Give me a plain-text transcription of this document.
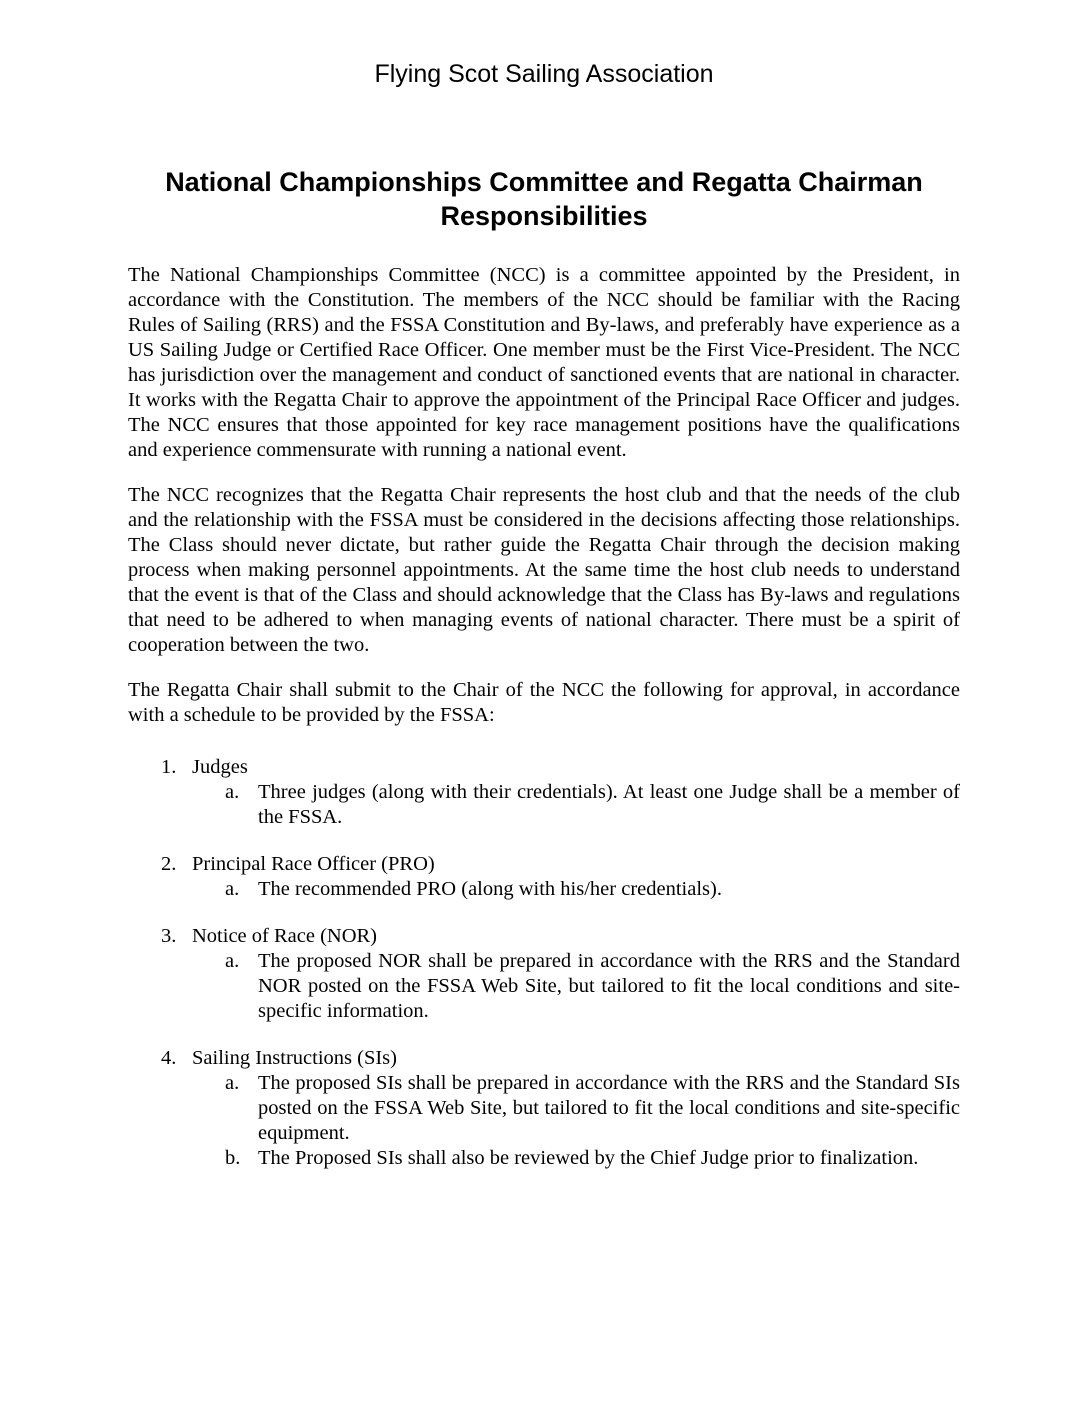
Flying Scot Sailing Association
National Championships Committee and Regatta Chairman
Responsibilities

The National Championships Committee (NCC) is a committee appointed by the President, in accordance with the Constitution. The members of the NCC should be familiar with the Racing Rules of Sailing (RRS) and the FSSA Constitution and By-laws, and preferably have experience as a US Sailing Judge or Certified Race Officer. One member must be the First Vice-President. The NCC has jurisdiction over the management and conduct of sanctioned events that are national in character. It works with the Regatta Chair to approve the appointment of the Principal Race Officer and judges. The NCC ensures that those appointed for key race management positions have the qualifications and experience commensurate with running a national event.

The NCC recognizes that the Regatta Chair represents the host club and that the needs of the club and the relationship with the FSSA must be considered in the decisions affecting those relationships. The Class should never dictate, but rather guide the Regatta Chair through the decision making process when making personnel appointments. At the same time the host club needs to understand that the event is that of the Class and should acknowledge that the Class has By-laws and regulations that need to be adhered to when managing events of national character. There must be a spirit of cooperation between the two.

The Regatta Chair shall submit to the Chair of the NCC the following for approval, in accordance with a schedule to be provided by the FSSA:

1. Judges
a. Three judges (along with their credentials). At least one Judge shall be a member of the FSSA.
2. Principal Race Officer (PRO)
a. The recommended PRO (along with his/her credentials).
3. Notice of Race (NOR)
a. The proposed NOR shall be prepared in accordance with the RRS and the Standard NOR posted on the FSSA Web Site, but tailored to fit the local conditions and site-specific information.
4. Sailing Instructions (SIs)
a. The proposed SIs shall be prepared in accordance with the RRS and the Standard SIs posted on the FSSA Web Site, but tailored to fit the local conditions and site-specific equipment.
b. The Proposed SIs shall also be reviewed by the Chief Judge prior to finalization.
